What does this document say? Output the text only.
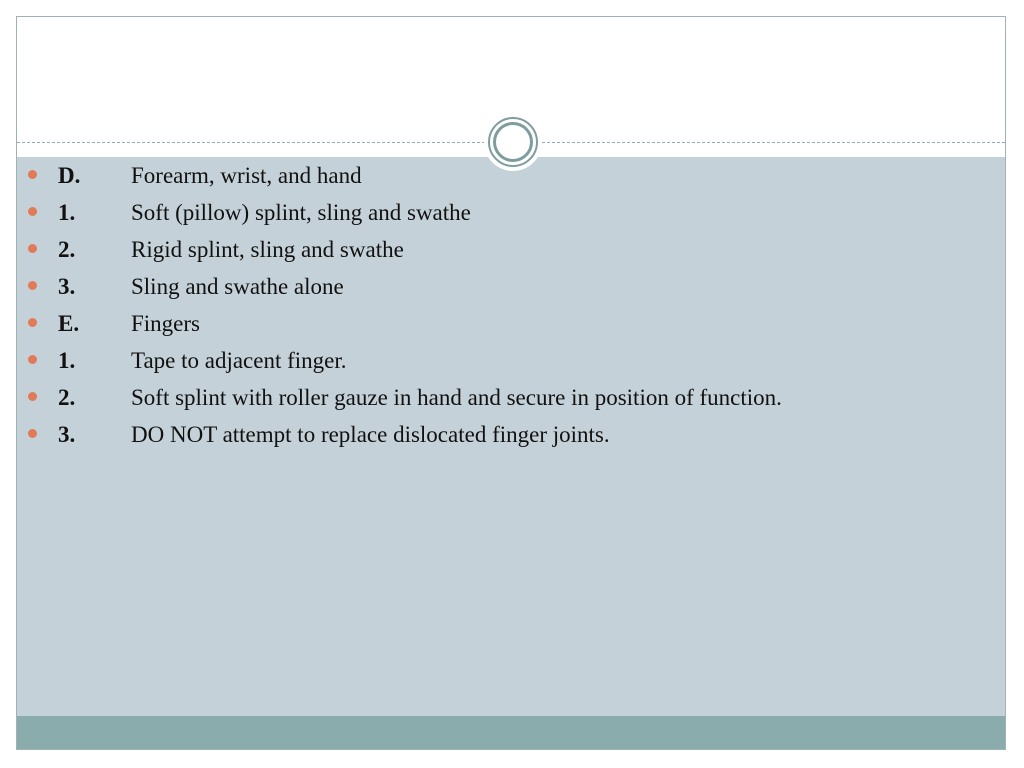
D. Forearm, wrist, and hand
1. Soft (pillow) splint, sling and swathe
2. Rigid splint, sling and swathe
3. Sling and swathe alone
E. Fingers
1. Tape to adjacent finger.
2. Soft splint with roller gauze in hand and secure in position of function.
3. DO NOT attempt to replace dislocated finger joints.
